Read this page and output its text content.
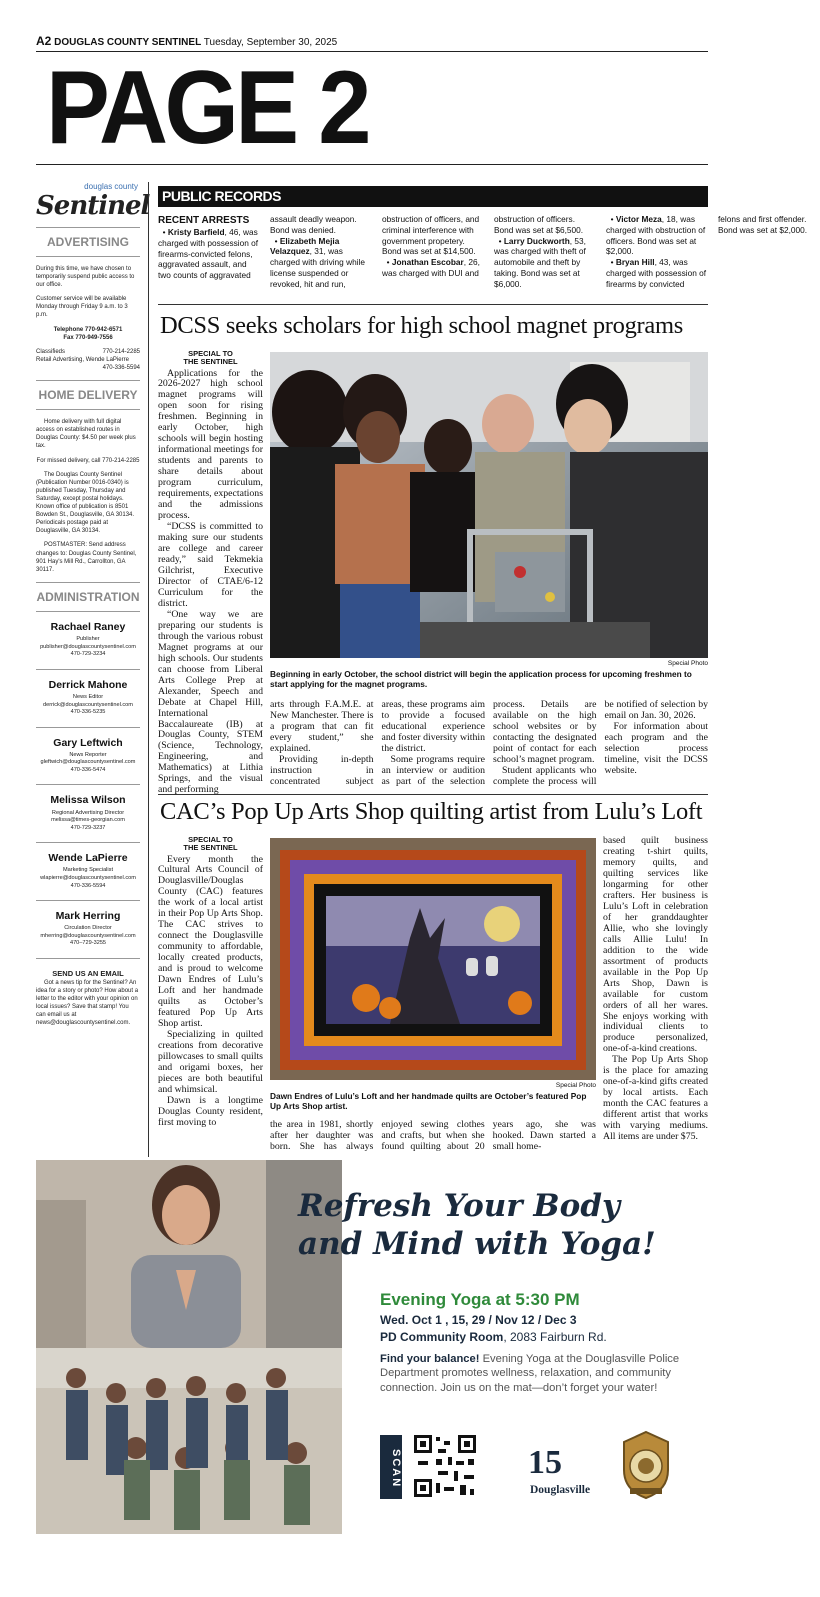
A2 DOUGLAS COUNTY SENTINEL Tuesday, September 30, 2025
PAGE 2
douglas county
Sentinel
ADVERTISING
During this time, we have chosen to temporarily suspend public access to our office.
Customer service will be available Monday through Friday 9 a.m. to 3 p.m.
Telephone 770-942-6571
Fax 770-949-7556
Classifieds	770-214-2285
Retail Advertising, Wende LaPierre
470-336-5594
HOME DELIVERY
Home delivery with full digital access on established routes in Douglas County: $4.50 per week plus tax.
For missed delivery, call 770-214-2285
The Douglas County Sentinel (Publication Number 0016-0340) is published Tuesday, Thursday and Saturday, except postal holidays. Known office of publication is 8501 Bowden St., Douglasville, GA 30134. Periodicals postage paid at Douglasville, GA 30134.
POSTMASTER: Send address changes to: Douglas County Sentinel, 901 Hay's Mill Rd., Carrollton, GA 30117.
ADMINISTRATION
Rachael Raney
Publisher
publisher@douglascountysentinel.com
470-729-3234
Derrick Mahone
News Editor
derrick@douglascountysentinel.com
470-336-5235
Gary Leftwich
News Reporter
gleftwich@douglascountysentinel.com
470-336-5474
Melissa Wilson
Regional Advertising Director
melissa@times-georgian.com
470-729-3237
Wende LaPierre
Marketing Specialist
wlapierre@douglascountysentinel.com
470-336-5594
Mark Herring
Circulation Director
mherring@douglascountysentinel.com
470–729-3255
SEND US AN EMAIL
Got a news tip for the Sentinel? An idea for a story or photo? How about a letter to the editor with your opinion on local issues? Save that stamp! You can email us at news@douglascountysentinel.com.
PUBLIC RECORDS
RECENT ARRESTS
• Kristy Barfield, 46, was charged with possession of firearms-convicted felons, aggravated assault, and two counts of aggravated assault deadly weapon. Bond was denied.
• Elizabeth Mejia Velazquez, 31, was charged with driving while license suspended or revoked, hit and run, obstruction of officers, and criminal interference with government propetery. Bond was set at $14,500.
• Jonathan Escobar, 26, was charged with DUI and obstruction of officers. Bond was set at $6,500.
• Larry Duckworth, 53, was charged with theft of automobile and theft by taking. Bond was set at $6,000.
• Victor Meza, 18, was charged with obstruction of officers. Bond was set at $2,000.
• Bryan Hill, 43, was charged with possession of firearms by convicted felons and first offender. Bond was set at $2,000.
DCSS seeks scholars for high school magnet programs
SPECIAL TO
THE SENTINEL

Applications for the 2026-2027 high school magnet programs will open soon for rising freshmen. Beginning in early October, high schools will begin hosting informational meetings for students and parents to share details about program curriculum, requirements, expectations and the admissions process.

“DCSS is committed to making sure our students are college and career ready,” said Tekmekia Gilchrist, Executive Director of CTAE/6-12 Curriculum for the district.

“One way we are preparing our students is through the various robust Magnet programs at our high schools. Our students can choose from Liberal Arts College Prep at Alexander, Speech and Debate at Chapel Hill, International Baccalaureate (IB) at Douglas County, STEM (Science, Technology, Engineering, and Mathematics) at Lithia Springs, and the visual and performing

Special Photo
Beginning in early October, the school district will begin the application process for upcoming freshmen to start applying for the magnet programs.

arts through F.A.M.E. at New Manchester. There is a program that can fit every student,” she explained.

Providing in-depth instruction in concentrated subject areas, these programs aim to provide a focused educational experience and foster diversity within the district.

Some programs require an interview or audition as part of the selection process. Details are available on the high school websites or by contacting the designated point of contact for each school’s magnet program.

Student applicants who complete the process will be notified of selection by email on Jan. 30, 2026.

For information about each program and the selection process timeline, visit the DCSS website.

CAC’s Pop Up Arts Shop quilting artist from Lulu’s Loft
SPECIAL TO
THE SENTINEL

Every month the Cultural Arts Council of Douglasville/Douglas County (CAC) features the work of a local artist in their Pop Up Arts Shop. The CAC strives to connect the Douglasville community to affordable, locally created products, and is proud to welcome Dawn Endres of Lulu’s Loft and her handmade quilts as October’s featured Pop Up Arts Shop artist.

Specializing in quilted creations from decorative pillowcases to small quilts and origami boxes, her pieces are both beautiful and whimsical.

Dawn is a longtime Douglas County resident, first moving to

Special Photo
Dawn Endres of Lulu’s Loft and her handmade quilts are October’s featured Pop Up Arts Shop artist.

the area in 1981, shortly after her daughter was born. She has always enjoyed sewing clothes and crafts, but when she found quilting about 20 years ago, she was hooked. Dawn started a small home-

based quilt business creating t-shirt quilts, memory quilts, and quilting services like longarming for other crafters. Her business is Lulu’s Loft in celebration of her granddaughter Allie, who she lovingly calls Allie Lulu! In addition to the wide assortment of products available in the Pop Up Arts Shop, Dawn is available for custom orders of all her wares. She enjoys working with individual clients to produce personalized, one-of-a-kind creations.

The Pop Up Arts Shop is the place for amazing one-of-a-kind gifts created by local artists. Each month the CAC features a different artist that works with varying mediums. All items are under $75.

Refresh Your Body
and Mind with Yoga!
Evening Yoga at 5:30 PM
Wed. Oct 1 , 15, 29 / Nov 12 / Dec 3
PD Community Room, 2083 Fairburn Rd.
Find your balance! Evening Yoga at the Douglasville Police Department promotes wellness, relaxation, and community connection. Join us on the mat—don’t forget your water!
SCAN	15
Douglasville
